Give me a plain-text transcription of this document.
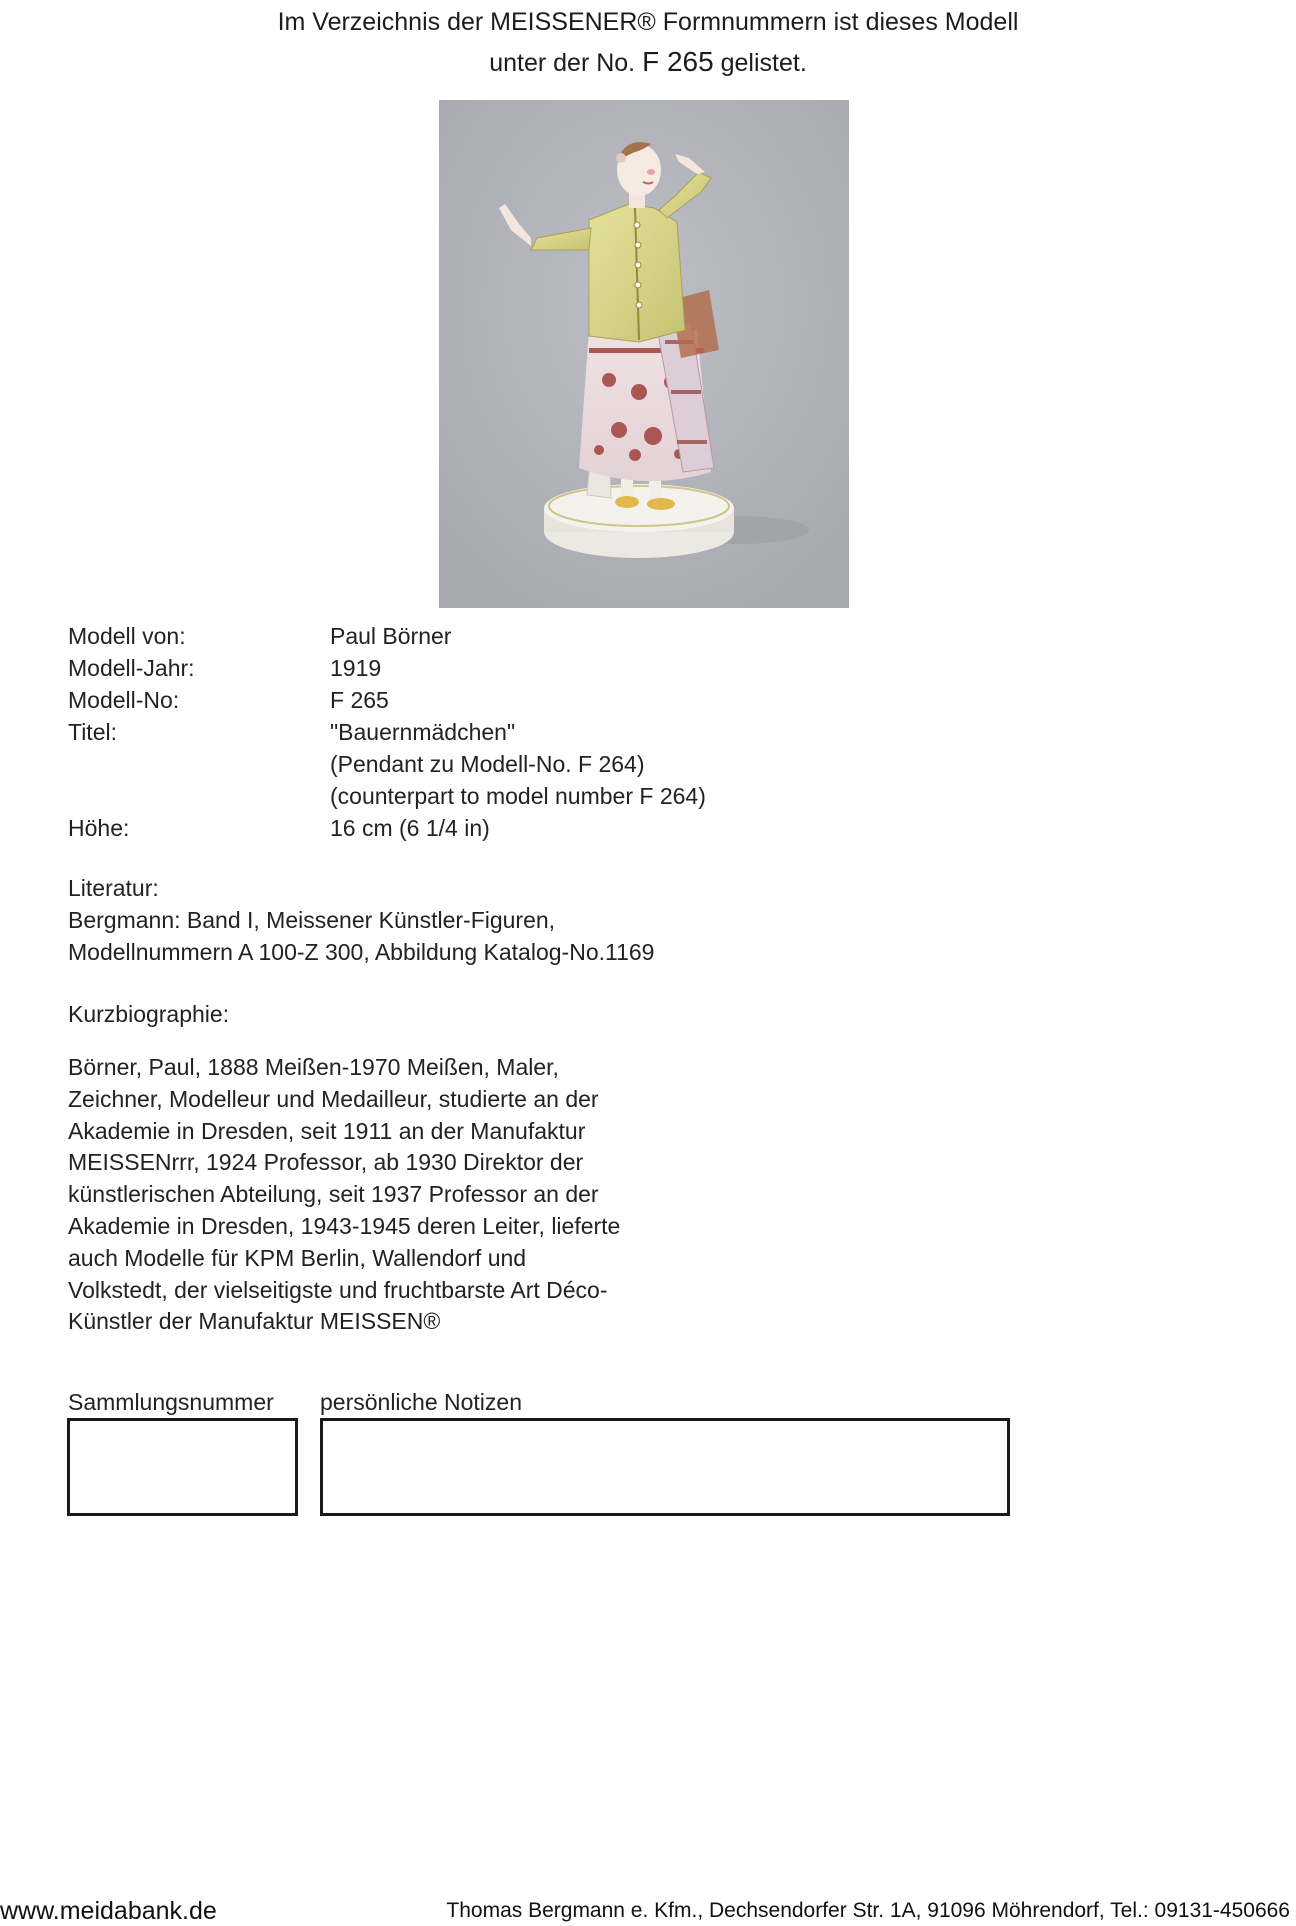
Im Verzeichnis der MEISSENER® Formnummern ist dieses Modell
unter der No. F 265 gelistet.
Modell von:	Paul Börner
Modell-Jahr:	1919
Modell-No:	F 265
Titel:	"Bauernmädchen"
(Pendant zu Modell-No. F 264)
(counterpart to model number F 264)
Höhe:	16 cm (6 1/4 in)
Literatur:
Bergmann: Band I, Meissener Künstler-Figuren,
Modellnummern A 100-Z 300, Abbildung Katalog-No.1169
Kurzbiographie:
Börner, Paul, 1888 Meißen-1970 Meißen, Maler,
Zeichner, Modelleur und Medailleur, studierte an der
Akademie in Dresden, seit 1911 an der Manufaktur
MEISSENrrr, 1924 Professor, ab 1930 Direktor der
künstlerischen Abteilung, seit 1937 Professor an der
Akademie in Dresden, 1943-1945 deren Leiter, lieferte
auch Modelle für KPM Berlin, Wallendorf und
Volkstedt, der vielseitigste und fruchtbarste Art Déco-
Künstler der Manufaktur MEISSEN®
Sammlungsnummer persönliche Notizen
www.meidabank.de	Thomas Bergmann e. Kfm., Dechsendorfer Str. 1A, 91096 Möhrendorf, Tel.: 09131-450666
